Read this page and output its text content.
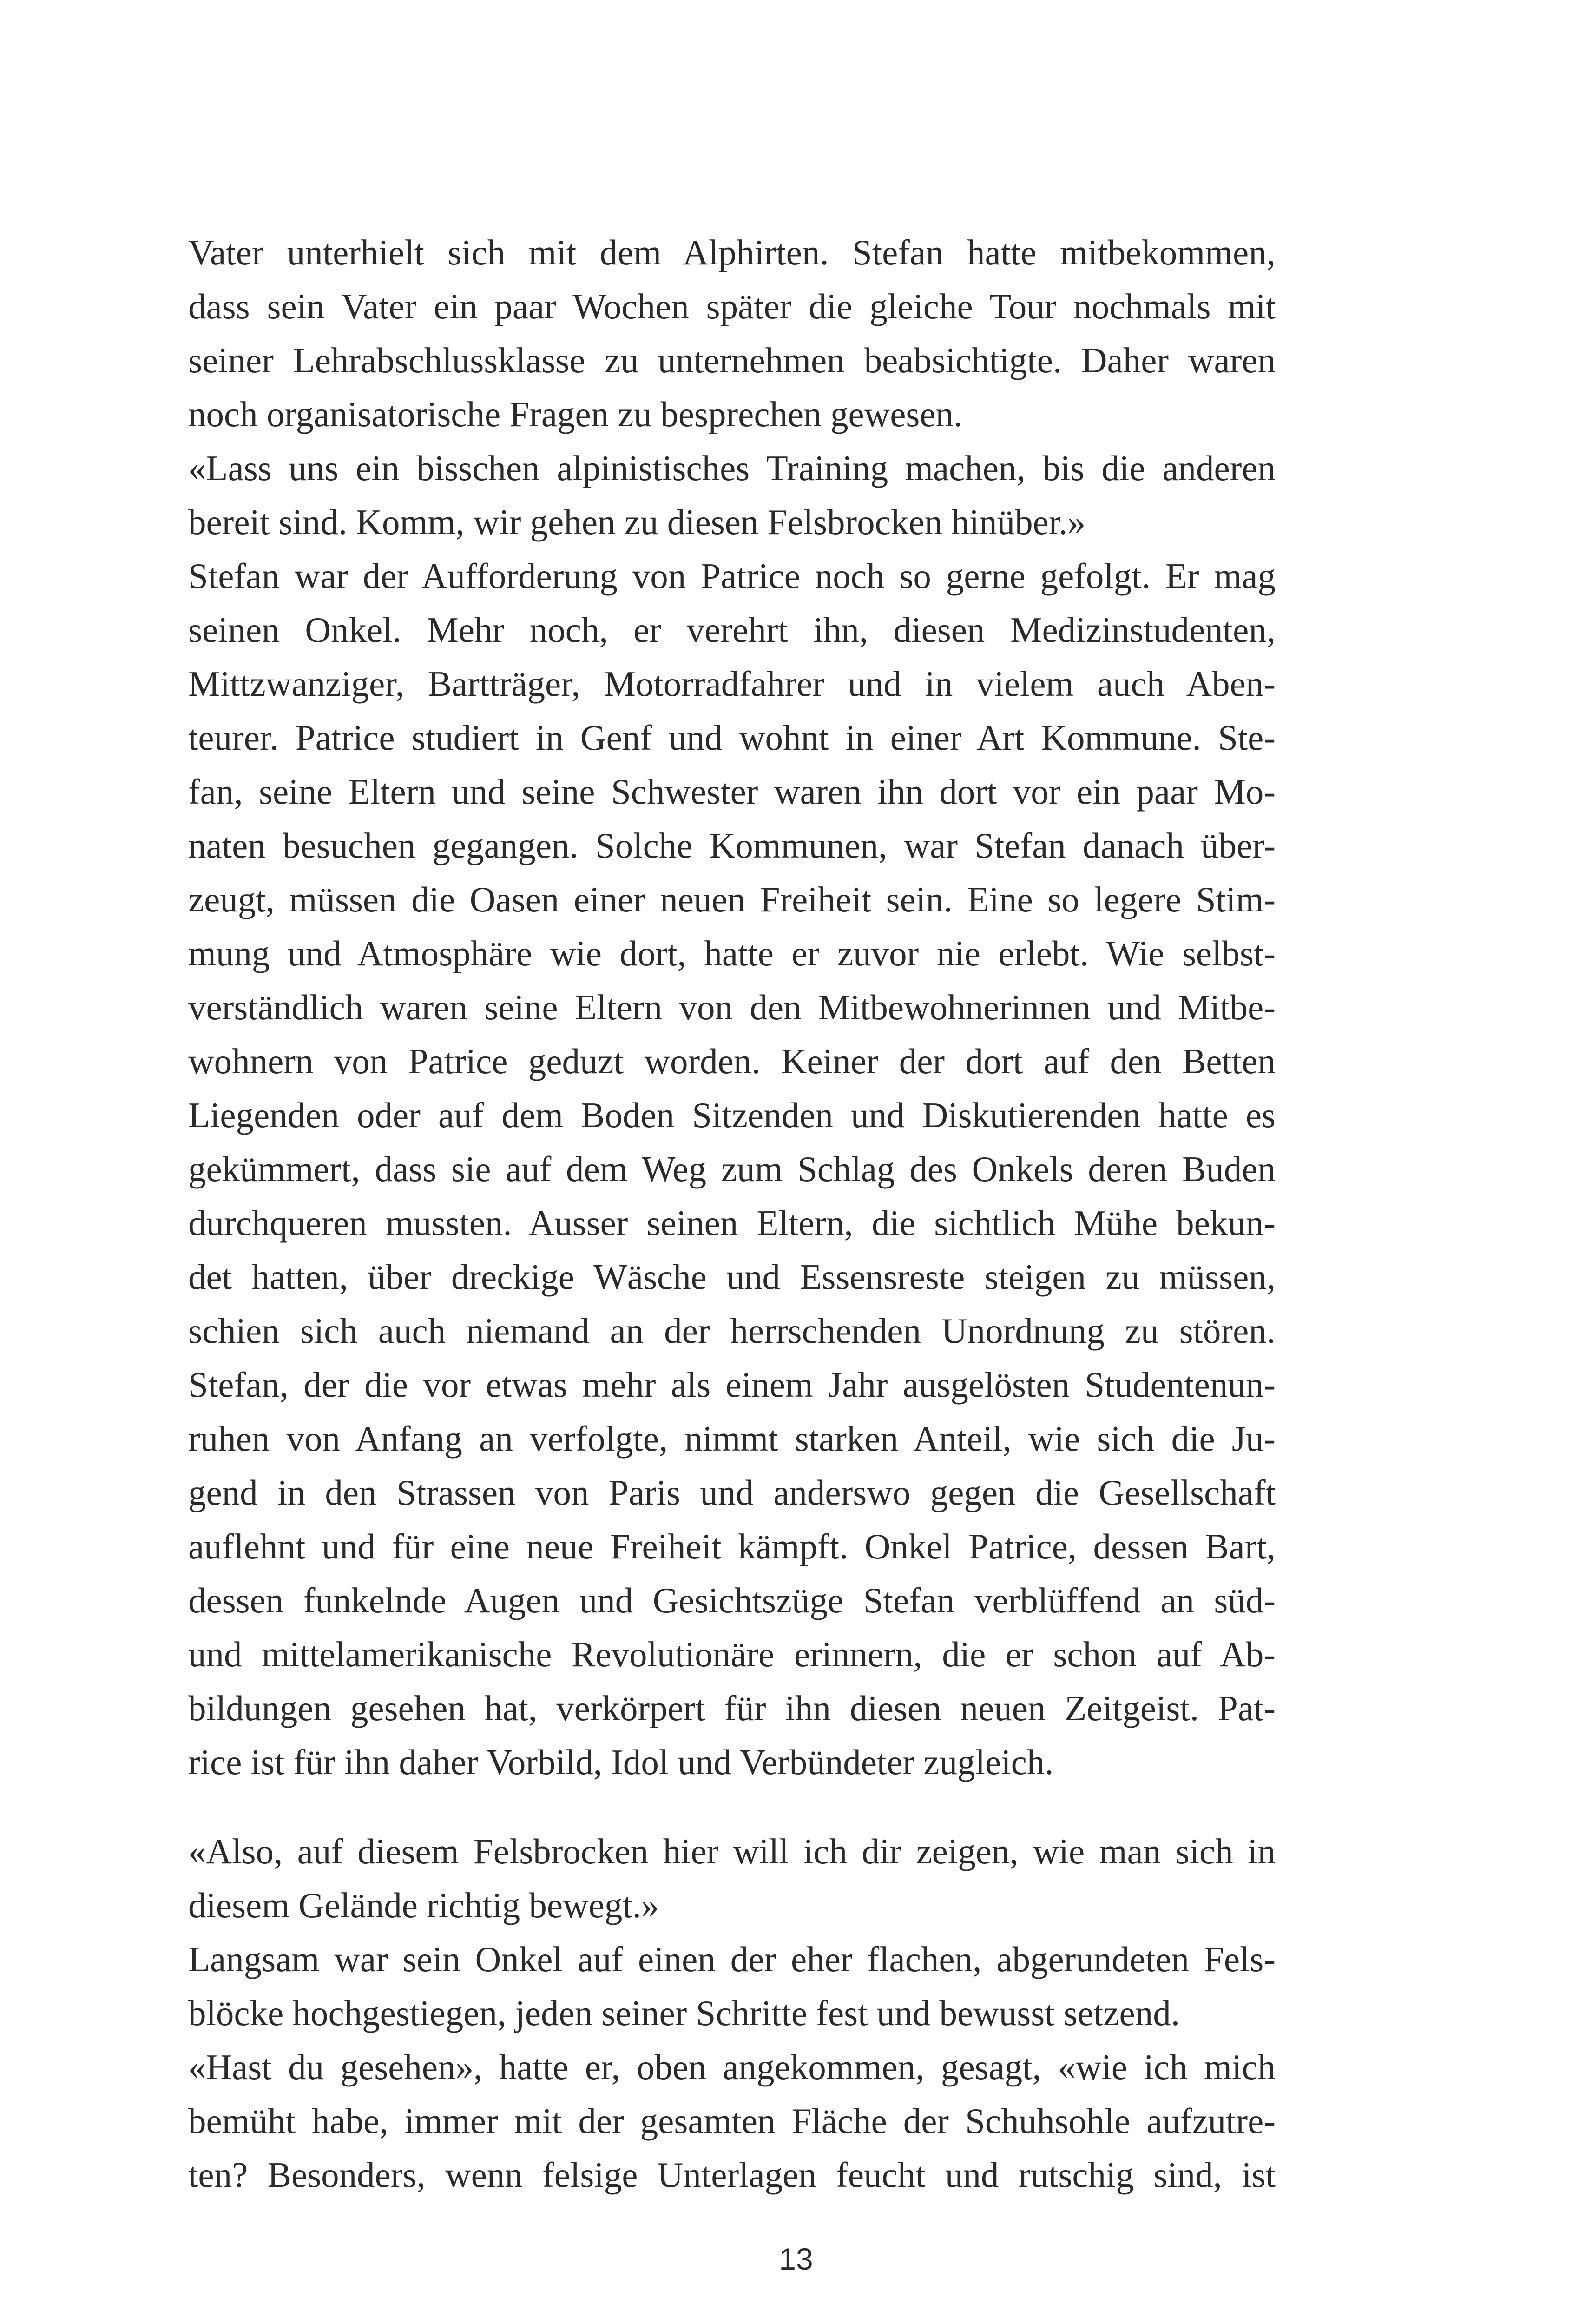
Vater unterhielt sich mit dem Alphirten. Stefan hatte mitbekommen,
dass sein Vater ein paar Wochen später die gleiche Tour nochmals mit
seiner Lehrabschlussklasse zu unternehmen beabsichtigte. Daher waren
noch organisatorische Fragen zu besprechen gewesen.
«Lass uns ein bisschen alpinistisches Training machen, bis die anderen
bereit sind. Komm, wir gehen zu diesen Felsbrocken hinüber.»
Stefan war der Aufforderung von Patrice noch so gerne gefolgt. Er mag
seinen Onkel. Mehr noch, er verehrt ihn, diesen Medizinstudenten,
Mittzwanziger, Bartträger, Motorradfahrer und in vielem auch Aben-
teurer. Patrice studiert in Genf und wohnt in einer Art Kommune. Ste-
fan, seine Eltern und seine Schwester waren ihn dort vor ein paar Mo-
naten besuchen gegangen. Solche Kommunen, war Stefan danach über-
zeugt, müssen die Oasen einer neuen Freiheit sein. Eine so legere Stim-
mung und Atmosphäre wie dort, hatte er zuvor nie erlebt. Wie selbst-
verständlich waren seine Eltern von den Mitbewohnerinnen und Mitbe-
wohnern von Patrice geduzt worden. Keiner der dort auf den Betten
Liegenden oder auf dem Boden Sitzenden und Diskutierenden hatte es
gekümmert, dass sie auf dem Weg zum Schlag des Onkels deren Buden
durchqueren mussten. Ausser seinen Eltern, die sichtlich Mühe bekun-
det hatten, über dreckige Wäsche und Essensreste steigen zu müssen,
schien sich auch niemand an der herrschenden Unordnung zu stören.
Stefan, der die vor etwas mehr als einem Jahr ausgelösten Studentenun-
ruhen von Anfang an verfolgte, nimmt starken Anteil, wie sich die Ju-
gend in den Strassen von Paris und anderswo gegen die Gesellschaft
auflehnt und für eine neue Freiheit kämpft. Onkel Patrice, dessen Bart,
dessen funkelnde Augen und Gesichtszüge Stefan verblüffend an süd-
und mittelamerikanische Revolutionäre erinnern, die er schon auf Ab-
bildungen gesehen hat, verkörpert für ihn diesen neuen Zeitgeist. Pat-
rice ist für ihn daher Vorbild, Idol und Verbündeter zugleich.
«Also, auf diesem Felsbrocken hier will ich dir zeigen, wie man sich in
diesem Gelände richtig bewegt.»
Langsam war sein Onkel auf einen der eher flachen, abgerundeten Fels-
blöcke hochgestiegen, jeden seiner Schritte fest und bewusst setzend.
«Hast du gesehen», hatte er, oben angekommen, gesagt, «wie ich mich
bemüht habe, immer mit der gesamten Fläche der Schuhsohle aufzutre-
ten? Besonders, wenn felsige Unterlagen feucht und rutschig sind, ist
13
